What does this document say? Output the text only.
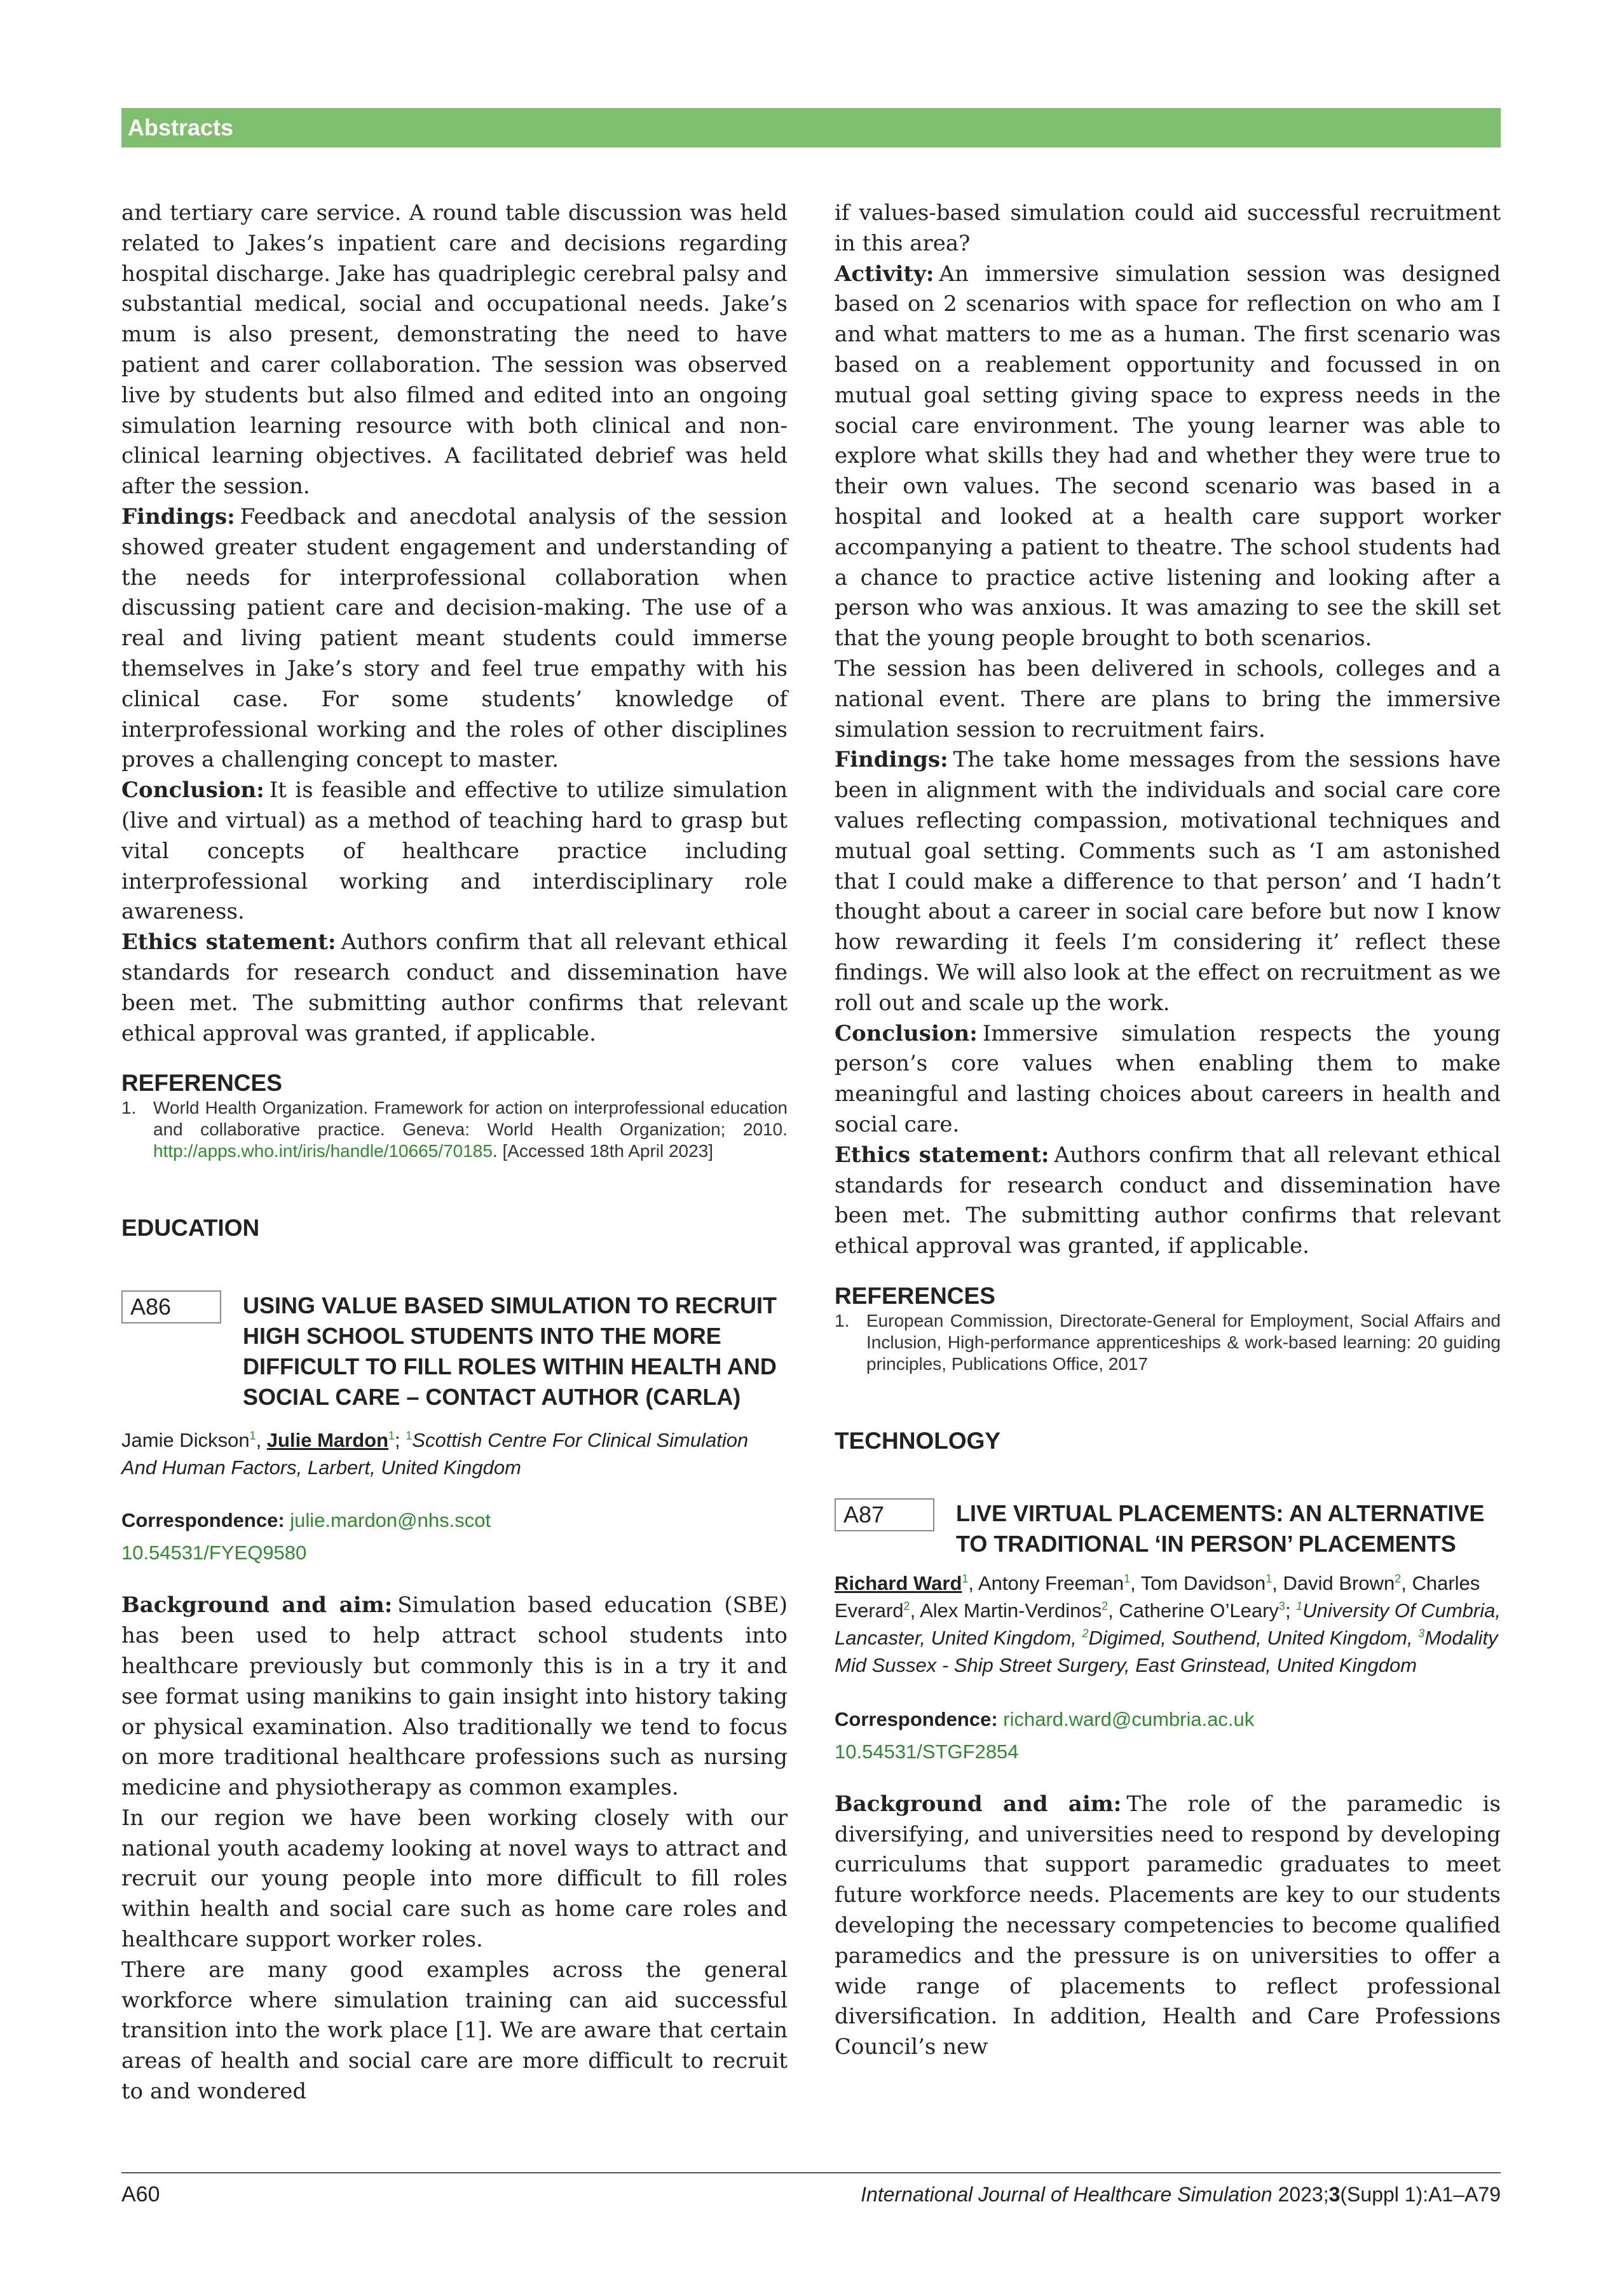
Abstracts

and tertiary care service. A round table discussion was held related to Jakes’s inpatient care and decisions regarding hospital discharge. Jake has quadriplegic cerebral palsy and substantial medical, social and occupational needs. Jake’s mum is also present, demonstrating the need to have patient and carer collaboration. The session was observed live by students but also filmed and edited into an ongoing simulation learning resource with both clinical and non-clinical learning objectives. A facilitated debrief was held after the session.

Findings: Feedback and anecdotal analysis of the session showed greater student engagement and understanding of the needs for interprofessional collaboration when discussing patient care and decision-making. The use of a real and living patient meant students could immerse themselves in Jake’s story and feel true empathy with his clinical case. For some students’ knowledge of interprofessional working and the roles of other disciplines proves a challenging concept to master.

Conclusion: It is feasible and effective to utilize simulation (live and virtual) as a method of teaching hard to grasp but vital concepts of healthcare practice including interprofessional working and interdisciplinary role awareness.

Ethics statement: Authors confirm that all relevant ethical standards for research conduct and dissemination have been met. The submitting author confirms that relevant ethical approval was granted, if applicable.

REFERENCES
1. World Health Organization. Framework for action on interprofessional education and collaborative practice. Geneva: World Health Organization; 2010. http://apps.who.int/iris/handle/10665/70185. [Accessed 18th April 2023]
EDUCATION
A86	USING VALUE BASED SIMULATION TO RECRUIT HIGH SCHOOL STUDENTS INTO THE MORE DIFFICULT TO FILL ROLES WITHIN HEALTH AND SOCIAL CARE – CONTACT AUTHOR (CARLA)
Jamie Dickson$^1$, Julie Mardon$^1$; $^1$Scottish Centre For Clinical Simulation And Human Factors, Larbert, United Kingdom
Correspondence: julie.mardon@nhs.scot
10.54531/FYEQ9580

Background and aim: Simulation based education (SBE) has been used to help attract school students into healthcare previously but commonly this is in a try it and see format using manikins to gain insight into history taking or physical examination. Also traditionally we tend to focus on more traditional healthcare professions such as nursing medicine and physiotherapy as common examples.

In our region we have been working closely with our national youth academy looking at novel ways to attract and recruit our young people into more difficult to fill roles within health and social care such as home care roles and healthcare support worker roles.

There are many good examples across the general workforce where simulation training can aid successful transition into the work place [1]. We are aware that certain areas of health and social care are more difficult to recruit to and wondered

if values-based simulation could aid successful recruitment in this area?

Activity: An immersive simulation session was designed based on 2 scenarios with space for reflection on who am I and what matters to me as a human. The first scenario was based on a reablement opportunity and focussed in on mutual goal setting giving space to express needs in the social care environment. The young learner was able to explore what skills they had and whether they were true to their own values. The second scenario was based in a hospital and looked at a health care support worker accompanying a patient to theatre. The school students had a chance to practice active listening and looking after a person who was anxious. It was amazing to see the skill set that the young people brought to both scenarios.

The session has been delivered in schools, colleges and a national event. There are plans to bring the immersive simulation session to recruitment fairs.

Findings: The take home messages from the sessions have been in alignment with the individuals and social care core values reflecting compassion, motivational techniques and mutual goal setting. Comments such as ‘I am astonished that I could make a difference to that person’ and ‘I hadn’t thought about a career in social care before but now I know how rewarding it feels I’m considering it’ reflect these findings. We will also look at the effect on recruitment as we roll out and scale up the work.

Conclusion: Immersive simulation respects the young person’s core values when enabling them to make meaningful and lasting choices about careers in health and social care.

Ethics statement: Authors confirm that all relevant ethical standards for research conduct and dissemination have been met. The submitting author confirms that relevant ethical approval was granted, if applicable.

REFERENCES
1. European Commission, Directorate-General for Employment, Social Affairs and Inclusion, High-performance apprenticeships & work-based learning: 20 guiding principles, Publications Office, 2017
TECHNOLOGY
A87	LIVE VIRTUAL PLACEMENTS: AN ALTERNATIVE TO TRADITIONAL ‘IN PERSON’ PLACEMENTS
Richard Ward$^1$, Antony Freeman$^1$, Tom Davidson$^1$, David Brown$^2$, Charles Everard$^2$, Alex Martin-Verdinos$^2$, Catherine O’Leary$^3$; $^1$University Of Cumbria, Lancaster, United Kingdom, $^2$Digimed, Southend, United Kingdom, $^3$Modality Mid Sussex - Ship Street Surgery, East Grinstead, United Kingdom
Correspondence: richard.ward@cumbria.ac.uk
10.54531/STGF2854

Background and aim: The role of the paramedic is diversifying, and universities need to respond by developing curriculums that support paramedic graduates to meet future workforce needs. Placements are key to our students developing the necessary competencies to become qualified paramedics and the pressure is on universities to offer a wide range of placements to reflect professional diversification. In addition, Health and Care Professions Council’s new

A60	International Journal of Healthcare Simulation 2023;3(Suppl 1):A1–A79
